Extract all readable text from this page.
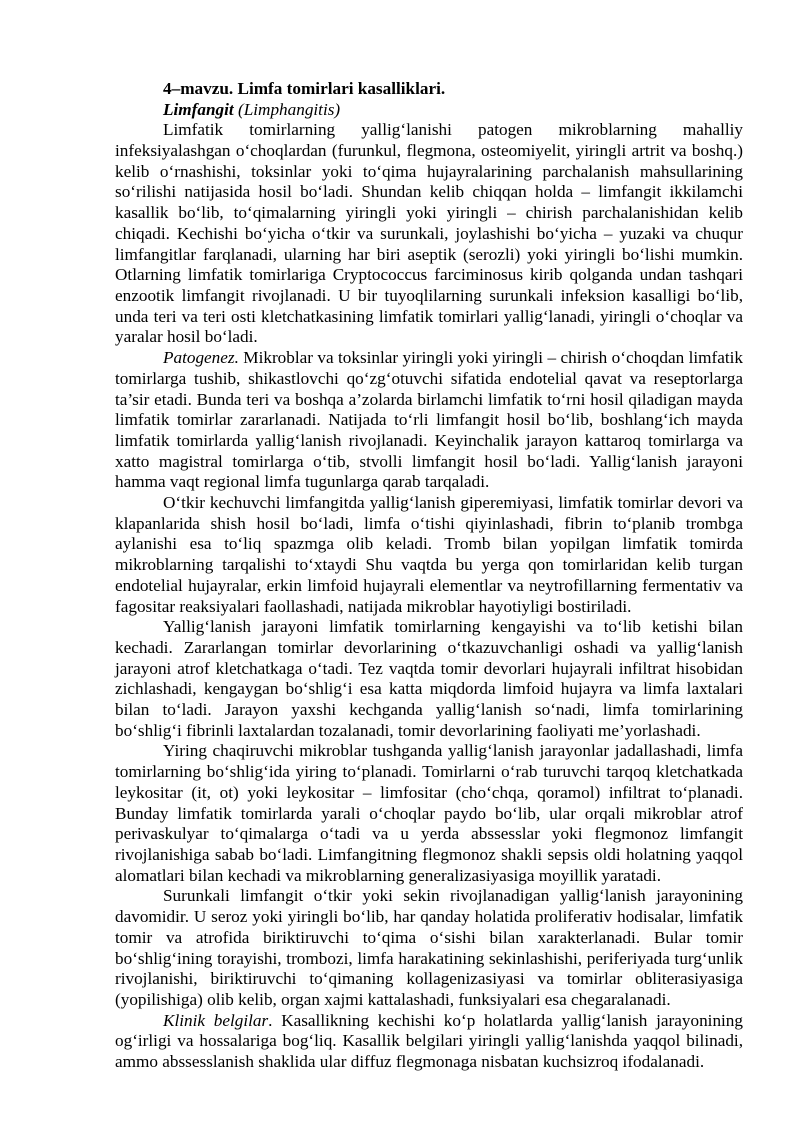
4–mavzu. Limfa tomirlari kasalliklari.
Limfangit (Limphangitis)

Limfatik tomirlarning yallig‘lanishi patogen mikroblarning mahalliy infeksiyalashgan o‘choqlardan (furunkul, flegmona, osteomiyelit, yiringli artrit va boshq.) kelib o‘rnashishi, toksinlar yoki to‘qima hujayralarining parchalanish mahsullarining so‘rilishi natijasida hosil bo‘ladi. Shundan kelib chiqqan holda – limfangit ikkilamchi kasallik bo‘lib, to‘qimalarning yiringli yoki yiringli – chirish parchalanishidan kelib chiqadi. Kechishi bo‘yicha o‘tkir va surunkali, joylashishi bo‘yicha – yuzaki va chuqur limfangitlar farqlanadi, ularning har biri aseptik (serozli) yoki yiringli bo‘lishi mumkin. Otlarning limfatik tomirlariga Cryptococcus farciminosus kirib qolganda undan tashqari enzootik limfangit rivojlanadi. U bir tuyoqlilarning surunkali infeksion kasalligi bo‘lib, unda teri va teri osti kletchatkasining limfatik tomirlari yallig‘lanadi, yiringli o‘choqlar va yaralar hosil bo‘ladi.

Patogenez. Mikroblar va toksinlar yiringli yoki yiringli – chirish o‘choqdan limfatik tomirlarga tushib, shikastlovchi qo‘zg‘otuvchi sifatida endotelial qavat va reseptorlarga ta’sir etadi. Bunda teri va boshqa a’zolarda birlamchi limfatik to‘rni hosil qiladigan mayda limfatik tomirlar zararlanadi. Natijada to‘rli limfangit hosil bo‘lib, boshlang‘ich mayda limfatik tomirlarda yallig‘lanish rivojlanadi. Keyinchalik jarayon kattaroq tomirlarga va xatto magistral tomirlarga o‘tib, stvolli limfangit hosil bo‘ladi. Yallig‘lanish jarayoni hamma vaqt regional limfa tugunlarga qarab tarqaladi.

O‘tkir kechuvchi limfangitda yallig‘lanish giperemiyasi, limfatik tomirlar devori va klapanlarida shish hosil bo‘ladi, limfa o‘tishi qiyinlashadi, fibrin to‘planib trombga aylanishi esa to‘liq spazmga olib keladi. Tromb bilan yopilgan limfatik tomirda mikroblarning tarqalishi to‘xtaydi Shu vaqtda bu yerga qon tomirlaridan kelib turgan endotelial hujayralar, erkin limfoid hujayrali elementlar va neytrofillarning fermentativ va fagositar reaksiyalari faollashadi, natijada mikroblar hayotiyligi bostiriladi.

Yallig‘lanish jarayoni limfatik tomirlarning kengayishi va to‘lib ketishi bilan kechadi. Zararlangan tomirlar devorlarining o‘tkazuvchanligi oshadi va yallig‘lanish jarayoni atrof kletchatkaga o‘tadi. Tez vaqtda tomir devorlari hujayrali infiltrat hisobidan zichlashadi, kengaygan bo‘shlig‘i esa katta miqdorda limfoid hujayra va limfa laxtalari bilan to‘ladi. Jarayon yaxshi kechganda yallig‘lanish so‘nadi, limfa tomirlarining bo‘shlig‘i fibrinli laxtalardan tozalanadi, tomir devorlarining faoliyati me’yorlashadi.

Yiring chaqiruvchi mikroblar tushganda yallig‘lanish jarayonlar jadallashadi, limfa tomirlarning bo‘shlig‘ida yiring to‘planadi. Tomirlarni o‘rab turuvchi tarqoq kletchatkada leykositar (it, ot) yoki leykositar – limfositar (cho‘chqa, qoramol) infiltrat to‘planadi. Bunday limfatik tomirlarda yarali o‘choqlar paydo bo‘lib, ular orqali mikroblar atrof perivaskulyar to‘qimalarga o‘tadi va u yerda abssesslar yoki flegmonoz limfangit rivojlanishiga sabab bo‘ladi. Limfangitning flegmonoz shakli sepsis oldi holatning yaqqol alomatlari bilan kechadi va mikroblarning generalizasiyasiga moyillik yaratadi.

Surunkali limfangit o‘tkir yoki sekin rivojlanadigan yallig‘lanish jarayonining davomidir. U seroz yoki yiringli bo‘lib, har qanday holatida proliferativ hodisalar, limfatik tomir va atrofida biriktiruvchi to‘qima o‘sishi bilan xarakterlanadi. Bular tomir bo‘shlig‘ining torayishi, trombozi, limfa harakatining sekinlashishi, periferiyada turg‘unlik rivojlanishi, biriktiruvchi to‘qimaning kollagenizasiyasi va tomirlar obliterasiyasiga (yopilishiga) olib kelib, organ xajmi kattalashadi, funksiyalari esa chegaralanadi.

Klinik belgilar. Kasallikning kechishi ko‘p holatlarda yallig‘lanish jarayonining og‘irligi va hossalariga bog‘liq. Kasallik belgilari yiringli yallig‘lanishda yaqqol bilinadi, ammo abssesslanish shaklida ular diffuz flegmonaga nisbatan kuchsizroq ifodalanadi.
